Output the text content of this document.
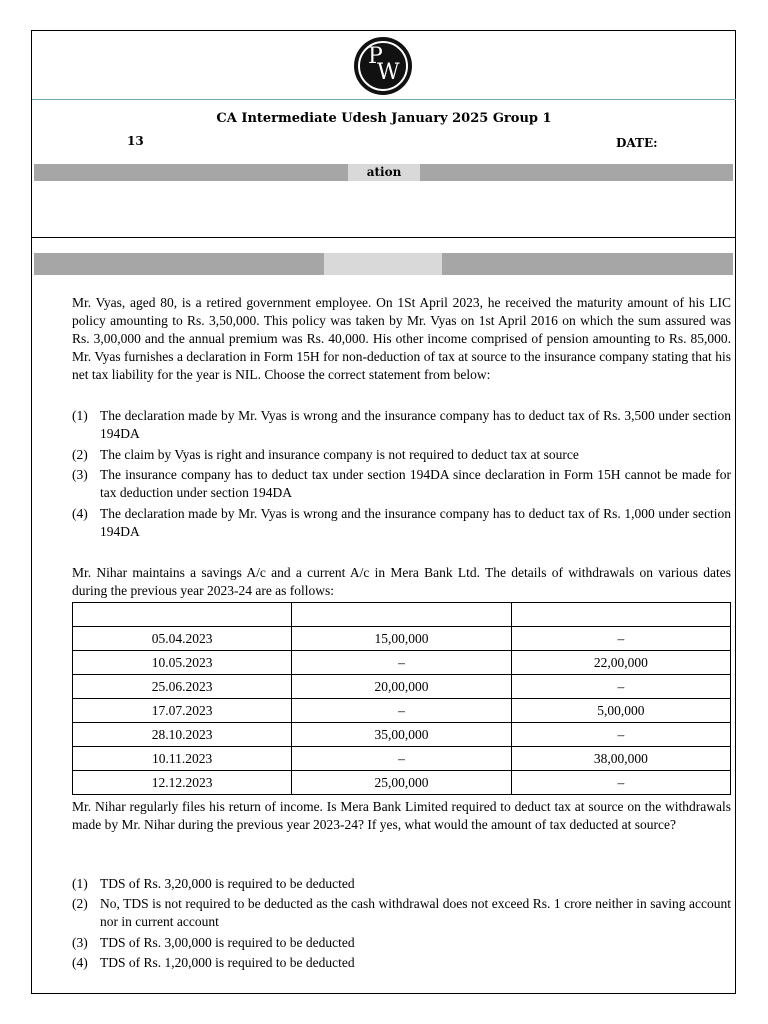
P
W
CA Intermediate Udesh January 2025 Group 1
13	DATE:
ation
Mr. Vyas, aged 80, is a retired government employee. On 1St April 2023, he received the maturity amount of his LIC policy amounting to Rs. 3,50,000. This policy was taken by Mr. Vyas on 1st April 2016 on which the sum assured was Rs. 3,00,000 and the annual premium was Rs. 40,000. His other income comprised of pension amounting to Rs. 85,000. Mr. Vyas furnishes a declaration in Form 15H for non-deduction of tax at source to the insurance company stating that his net tax liability for the year is NIL. Choose the correct statement from below:
(1) The declaration made by Mr. Vyas is wrong and the insurance company has to deduct tax of Rs. 3,500 under section 194DA
(2) The claim by Vyas is right and insurance company is not required to deduct tax at source
(3) The insurance company has to deduct tax under section 194DA since declaration in Form 15H cannot be made for tax deduction under section 194DA
(4) The declaration made by Mr. Vyas is wrong and the insurance company has to deduct tax of Rs. 1,000 under section 194DA
Mr. Nihar maintains a savings A/c and a current A/c in Mera Bank Ltd. The details of withdrawals on various dates during the previous year 2023-24 are as follows:

05.04.2023	15,00,000	–
10.05.2023	–	22,00,000
25.06.2023	20,00,000	–
17.07.2023	–	5,00,000
28.10.2023	35,00,000	–
10.11.2023	–	38,00,000
12.12.2023	25,00,000	–
Mr. Nihar regularly files his return of income. Is Mera Bank Limited required to deduct tax at source on the withdrawals made by Mr. Nihar during the previous year 2023-24? If yes, what would the amount of tax deducted at source?
(1) TDS of Rs. 3,20,000 is required to be deducted
(2) No, TDS is not required to be deducted as the cash withdrawal does not exceed Rs. 1 crore neither in saving account nor in current account
(3) TDS of Rs. 3,00,000 is required to be deducted
(4) TDS of Rs. 1,20,000 is required to be deducted
